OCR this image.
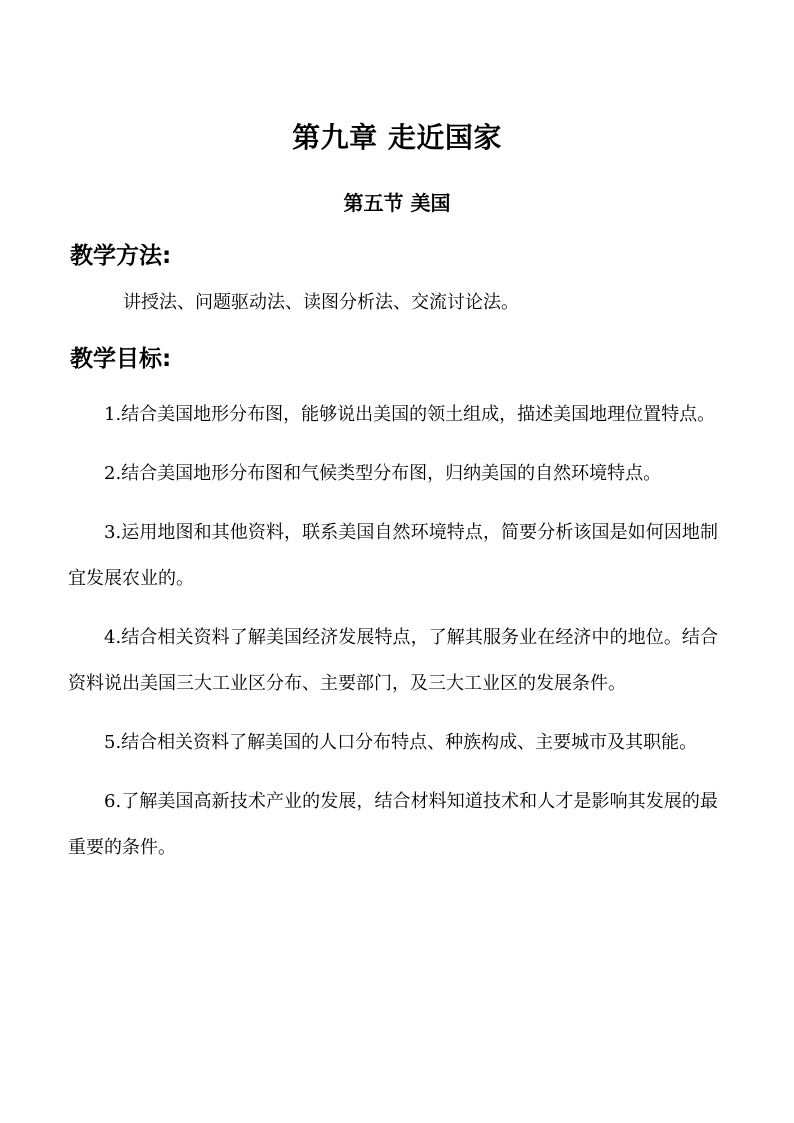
第九章 走近国家
第五节 美国
教学方法:
讲授法、问题驱动法、读图分析法、交流讨论法。
教学目标:

1.结合美国地形分布图，能够说出美国的领土组成，描述美国地理位置特点。

2.结合美国地形分布图和气候类型分布图，归纳美国的自然环境特点。

3.运用地图和其他资料，联系美国自然环境特点，简要分析该国是如何因地制宜发展农业的。

4.结合相关资料了解美国经济发展特点，了解其服务业在经济中的地位。结合资料说出美国三大工业区分布、主要部门，及三大工业区的发展条件。

5.结合相关资料了解美国的人口分布特点、种族构成、主要城市及其职能。

6.了解美国高新技术产业的发展，结合材料知道技术和人才是影响其发展的最重要的条件。
